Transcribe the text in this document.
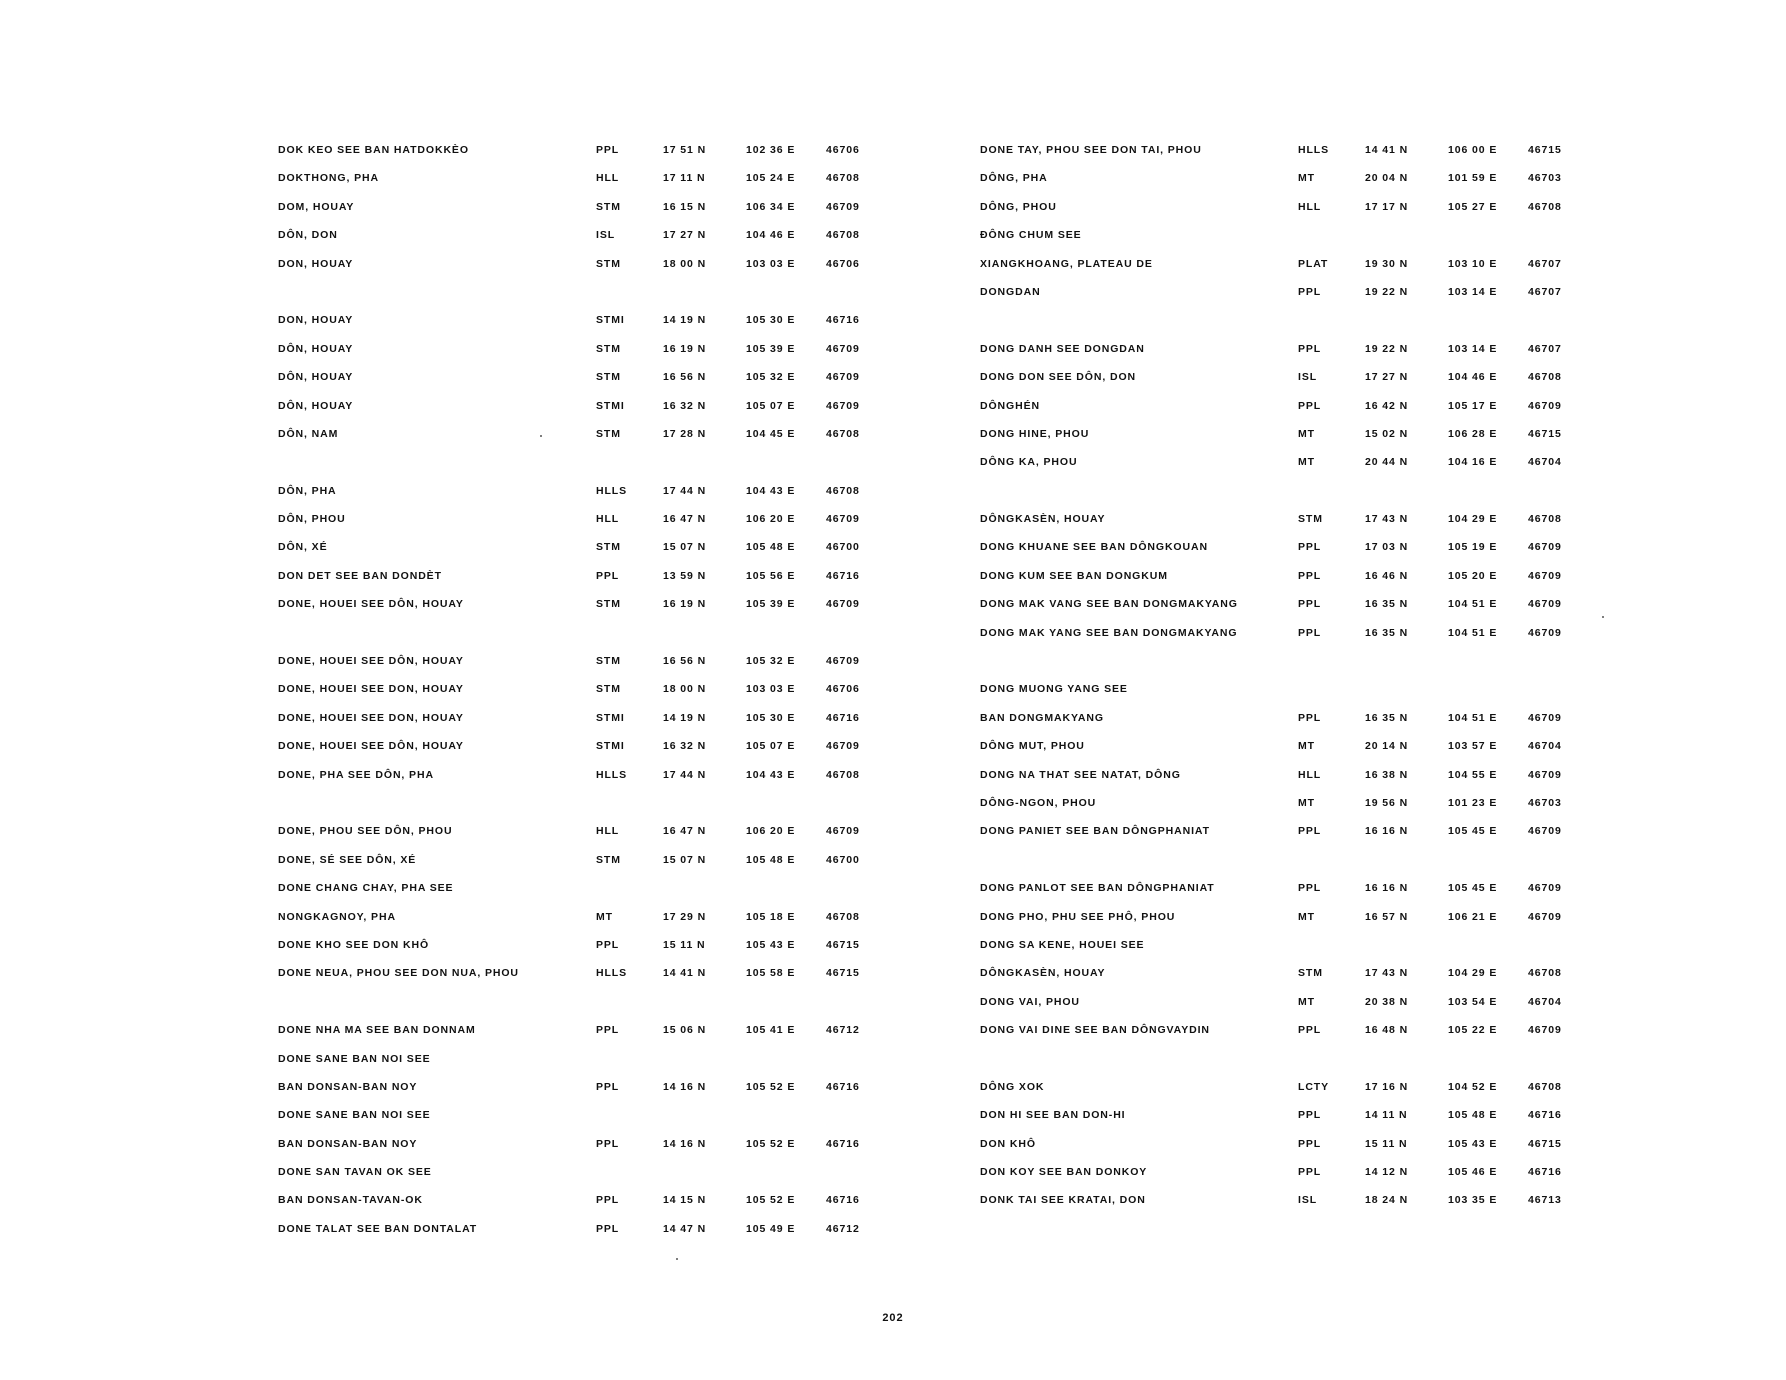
DOK KEO SEE BAN HATDOKKÈO	PPL	17 51 N	102 36 E	46706
DOKTHONG, PHA	HLL	17 11 N	105 24 E	46708
DOM, HOUAY	STM	16 15 N	106 34 E	46709
DÔN, DON	ISL	17 27 N	104 46 E	46708
DON, HOUAY	STM	18 00 N	103 03 E	46706
DON, HOUAY	STMI	14 19 N	105 30 E	46716
DÔN, HOUAY	STM	16 19 N	105 39 E	46709
DÔN, HOUAY	STM	16 56 N	105 32 E	46709
DÔN, HOUAY	STMI	16 32 N	105 07 E	46709
DÔN, NAM	STM	17 28 N	104 45 E	46708
DÔN, PHA	HLLS	17 44 N	104 43 E	46708
DÔN, PHOU	HLL	16 47 N	106 20 E	46709
DÔN, XÉ	STM	15 07 N	105 48 E	46700
DON DET SEE BAN DONDÈT	PPL	13 59 N	105 56 E	46716
DONE, HOUEI SEE DÔN, HOUAY	STM	16 19 N	105 39 E	46709
DONE, HOUEI SEE DÔN, HOUAY	STM	16 56 N	105 32 E	46709
DONE, HOUEI SEE DON, HOUAY	STM	18 00 N	103 03 E	46706
DONE, HOUEI SEE DON, HOUAY	STMI	14 19 N	105 30 E	46716
DONE, HOUEI SEE DÔN, HOUAY	STMI	16 32 N	105 07 E	46709
DONE, PHA SEE DÔN, PHA	HLLS	17 44 N	104 43 E	46708
DONE, PHOU SEE DÔN, PHOU	HLL	16 47 N	106 20 E	46709
DONE, SÉ SEE DÔN, XÉ	STM	15 07 N	105 48 E	46700
DONE CHANG CHAY, PHA SEE
NONGKAGNOY, PHA	MT	17 29 N	105 18 E	46708
DONE KHO SEE DON KHÔ	PPL	15 11 N	105 43 E	46715
DONE NEUA, PHOU SEE DON NUA, PHOU	HLLS	14 41 N	105 58 E	46715
DONE NHA MA SEE BAN DONNAM	PPL	15 06 N	105 41 E	46712
DONE SANE BAN NOI SEE
BAN DONSAN-BAN NOY	PPL	14 16 N	105 52 E	46716
DONE SANE BAN NOI SEE
BAN DONSAN-BAN NOY	PPL	14 16 N	105 52 E	46716
DONE SAN TAVAN OK SEE
BAN DONSAN-TAVAN-OK	PPL	14 15 N	105 52 E	46716
DONE TALAT SEE BAN DONTALAT	PPL	14 47 N	105 49 E	46712
DONE TAY, PHOU SEE DON TAI, PHOU	HLLS	14 41 N	106 00 E	46715
DÔNG, PHA	MT	20 04 N	101 59 E	46703
DÔNG, PHOU	HLL	17 17 N	105 27 E	46708
ĐÔNG CHUM SEE
XIANGKHOANG, PLATEAU DE	PLAT	19 30 N	103 10 E	46707
DONGDAN	PPL	19 22 N	103 14 E	46707
DONG DANH SEE DONGDAN	PPL	19 22 N	103 14 E	46707
DONG DON SEE DÔN, DON	ISL	17 27 N	104 46 E	46708
DÔNGHÉN	PPL	16 42 N	105 17 E	46709
DONG HINE, PHOU	MT	15 02 N	106 28 E	46715
DÔNG KA, PHOU	MT	20 44 N	104 16 E	46704
DÔNGKASÈN, HOUAY	STM	17 43 N	104 29 E	46708
DONG KHUANE SEE BAN DÔNGKOUAN	PPL	17 03 N	105 19 E	46709
DONG KUM SEE BAN DONGKUM	PPL	16 46 N	105 20 E	46709
DONG MAK VANG SEE BAN DONGMAKYANG	PPL	16 35 N	104 51 E	46709
DONG MAK YANG SEE BAN DONGMAKYANG	PPL	16 35 N	104 51 E	46709
DONG MUONG YANG SEE
BAN DONGMAKYANG	PPL	16 35 N	104 51 E	46709
DÔNG MUT, PHOU	MT	20 14 N	103 57 E	46704
DONG NA THAT SEE NATAT, DÔNG	HLL	16 38 N	104 55 E	46709
DÔNG-NGON, PHOU	MT	19 56 N	101 23 E	46703
DONG PANIET SEE BAN DÔNGPHANIAT	PPL	16 16 N	105 45 E	46709
DONG PANLOT SEE BAN DÔNGPHANIAT	PPL	16 16 N	105 45 E	46709
DONG PHO, PHU SEE PHÔ, PHOU	MT	16 57 N	106 21 E	46709
DONG SA KENE, HOUEI SEE
DÔNGKASÈN, HOUAY	STM	17 43 N	104 29 E	46708
DONG VAI, PHOU	MT	20 38 N	103 54 E	46704
DONG VAI DINE SEE BAN DÔNGVAYDIN	PPL	16 48 N	105 22 E	46709
DÔNG XOK	LCTY	17 16 N	104 52 E	46708
DON HI SEE BAN DON-HI	PPL	14 11 N	105 48 E	46716
DON KHÔ	PPL	15 11 N	105 43 E	46715
DON KOY SEE BAN DONKOY	PPL	14 12 N	105 46 E	46716
DONK TAI SEE KRATAI, DON	ISL	18 24 N	103 35 E	46713
202
